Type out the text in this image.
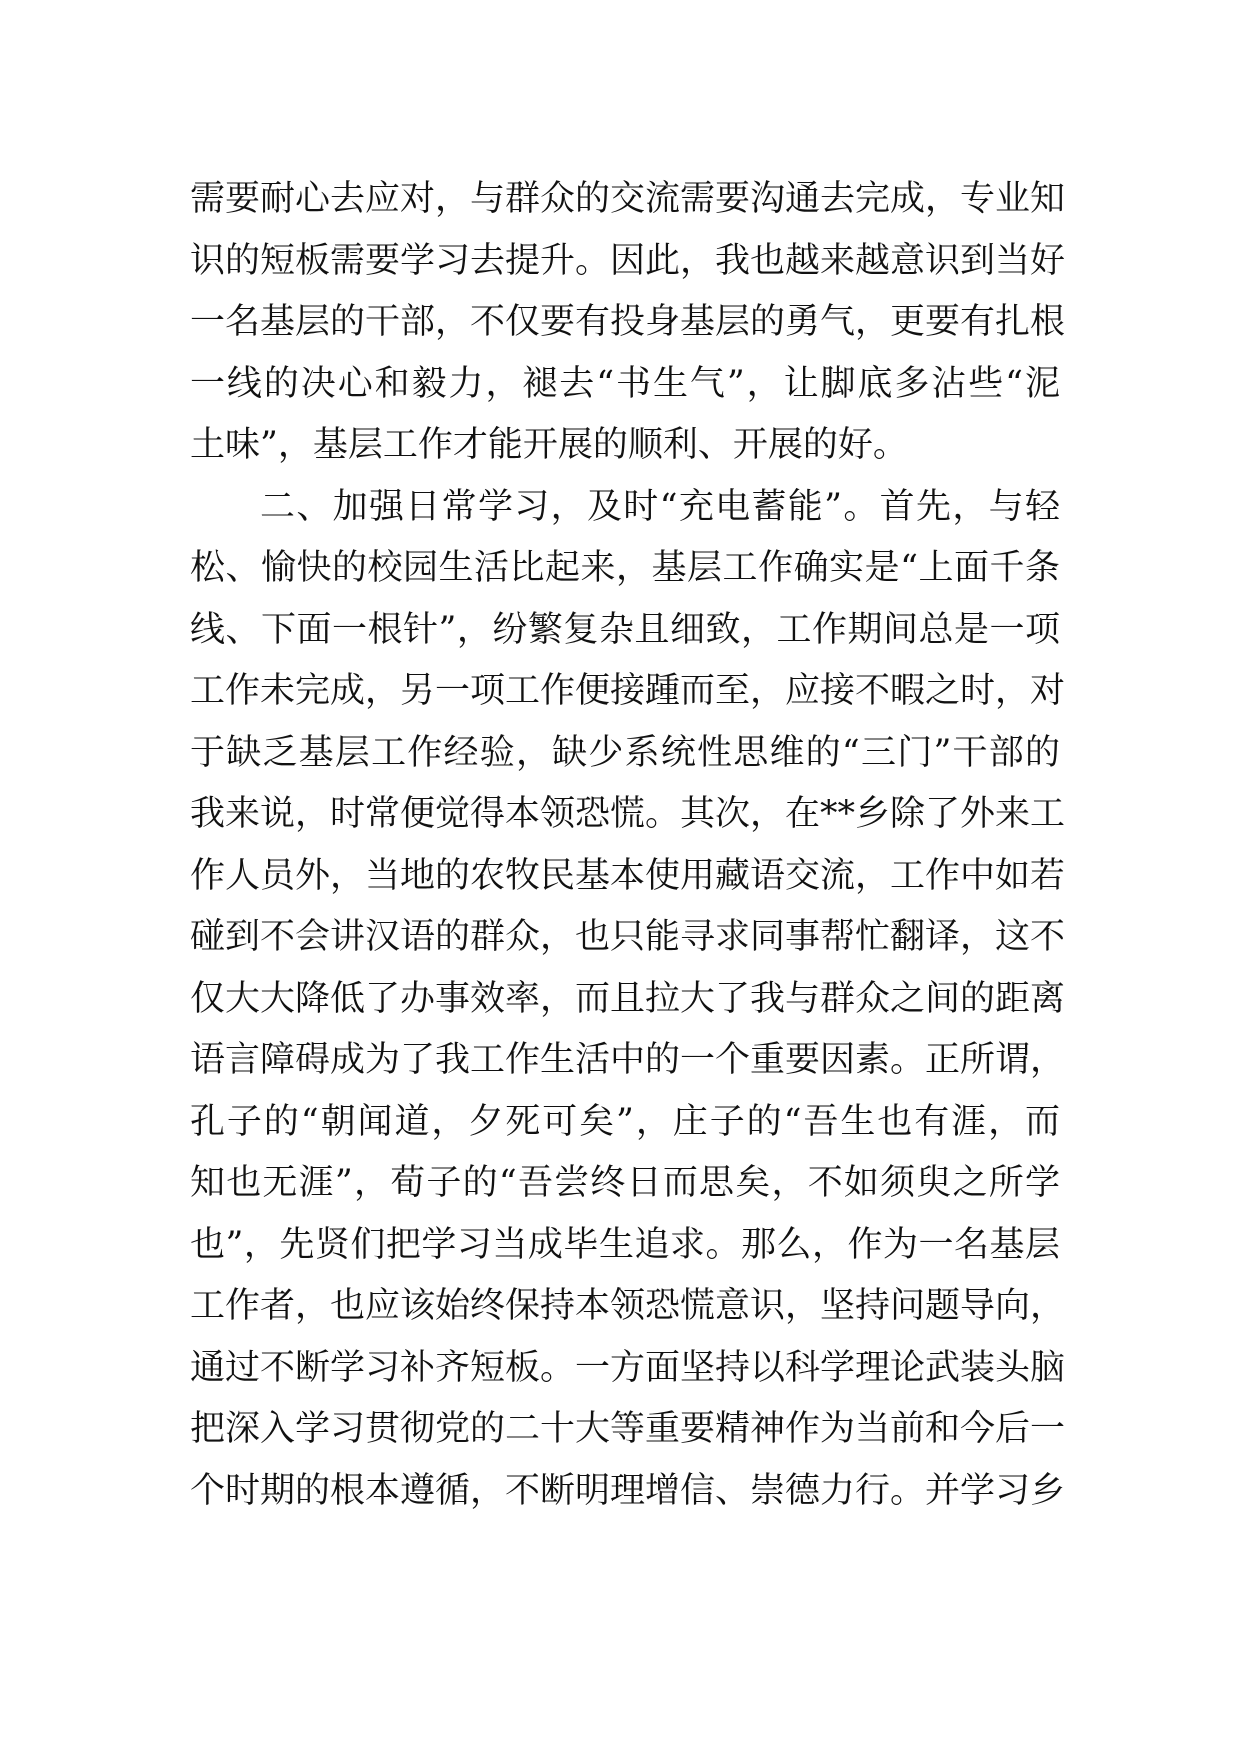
需要耐心去应对，与群众的交流需要沟通去完成，专业知
识的短板需要学习去提升。因此，我也越来越意识到当好
一名基层的干部，不仅要有投身基层的勇气，更要有扎根
一线的决心和毅力，褪去“书生气”，让脚底多沾些“泥
土味”，基层工作才能开展的顺利、开展的好。
二、加强日常学习，及时“充电蓄能”。首先，与轻
松、愉快的校园生活比起来，基层工作确实是“上面千条
线、下面一根针”，纷繁复杂且细致，工作期间总是一项
工作未完成，另一项工作便接踵而至，应接不暇之时，对
于缺乏基层工作经验，缺少系统性思维的“三门”干部的
我来说，时常便觉得本领恐慌。其次，在**乡除了外来工
作人员外，当地的农牧民基本使用藏语交流，工作中如若
碰到不会讲汉语的群众，也只能寻求同事帮忙翻译，这不
仅大大降低了办事效率，而且拉大了我与群众之间的距离
语言障碍成为了我工作生活中的一个重要因素。正所谓，
孔子的“朝闻道，夕死可矣”，庄子的“吾生也有涯，而
知也无涯”，荀子的“吾尝终日而思矣，不如须臾之所学
也”，先贤们把学习当成毕生追求。那么，作为一名基层
工作者，也应该始终保持本领恐慌意识，坚持问题导向，
通过不断学习补齐短板。一方面坚持以科学理论武装头脑
把深入学习贯彻党的二十大等重要精神作为当前和今后一
个时期的根本遵循，不断明理增信、崇德力行。并学习乡
